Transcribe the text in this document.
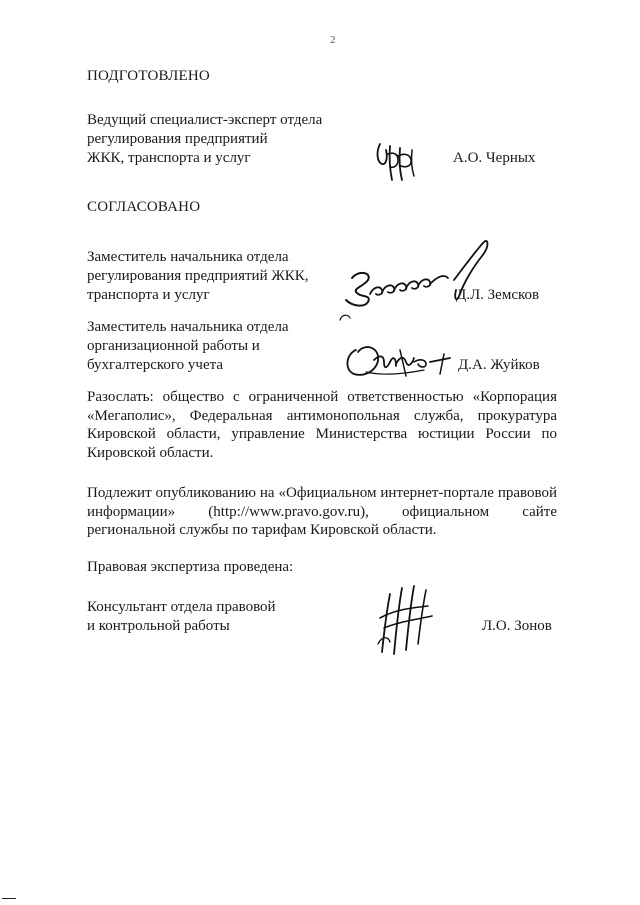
2
ПОДГОТОВЛЕНО
Ведущий специалист-эксперт отдела
регулирования предприятий
ЖКК, транспорта и услуг	А.О. Черных
СОГЛАСОВАНО
Заместитель начальника отдела
регулирования предприятий ЖКК,
транспорта и услуг	Д.Л. Земсков
Заместитель начальника отдела
организационной работы и
бухгалтерского учета	Д.А. Жуйков
Разослать: общество с ограниченной ответственностью «Корпорация «Мегаполис», Федеральная антимонопольная служба, прокуратура Кировской области, управление Министерства юстиции России по Кировской области.
Подлежит опубликованию на «Официальном интернет-портале правовой информации» (http://www.pravo.gov.ru), официальном сайте региональной службы по тарифам Кировской области.
Правовая экспертиза проведена:
Консультант отдела правовой
и контрольной работы	Л.О. Зонов
